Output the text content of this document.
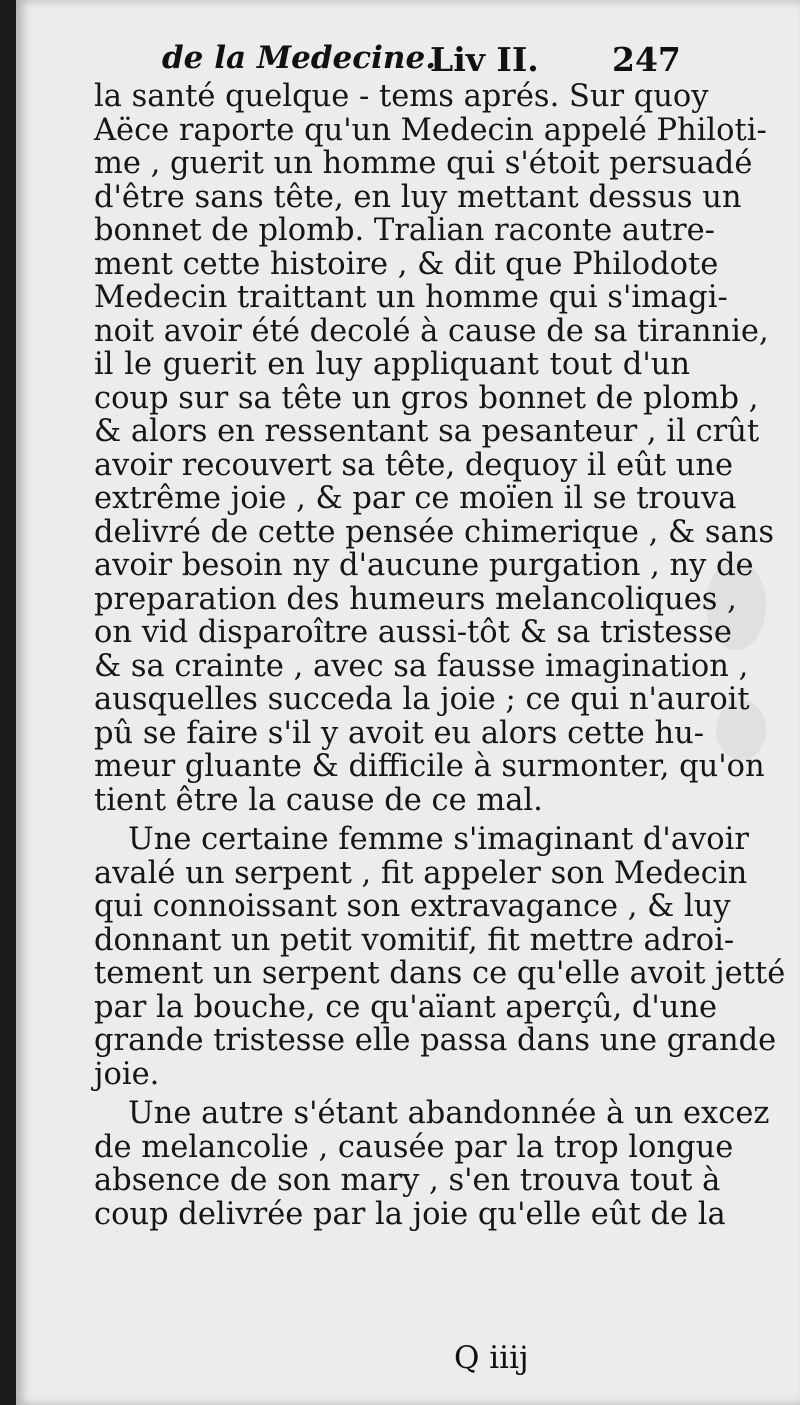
de la Medecine.
Liv II. 247
la santé quelque - tems aprés. Sur quoy
Aëce raporte qu'un Medecin appelé Philoti-
me , guerit un homme qui s'étoit persuadé
d'être sans tête, en luy mettant dessus un
bonnet de plomb. Tralian raconte autre-
ment cette histoire , & dit que Philodote
Medecin traittant un homme qui s'imagi-
noit avoir été decolé à cause de sa tirannie,
il le guerit en luy appliquant tout d'un
coup sur sa tête un gros bonnet de plomb ,
& alors en ressentant sa pesanteur , il crût
avoir recouvert sa tête, dequoy il eût une
extrême joie , & par ce moïen il se trouva
delivré de cette pensée chimerique , & sans
avoir besoin ny d'aucune purgation , ny de
preparation des humeurs melancoliques ,
on vid disparoître aussi-tôt & sa tristesse
& sa crainte , avec sa fausse imagination ,
ausquelles succeda la joie ; ce qui n'auroit
pû se faire s'il y avoit eu alors cette hu-
meur gluante & difficile à surmonter, qu'on
tient être la cause de ce mal.
Une certaine femme s'imaginant d'avoir
avalé un serpent , fit appeler son Medecin
qui connoissant son extravagance , & luy
donnant un petit vomitif, fit mettre adroi-
tement un serpent dans ce qu'elle avoit jetté
par la bouche, ce qu'aïant aperçû, d'une
grande tristesse elle passa dans une grande
joie.
Une autre s'étant abandonnée à un excez
de melancolie , causée par la trop longue
absence de son mary , s'en trouva tout à
coup delivrée par la joie qu'elle eût de la
Q iiij
